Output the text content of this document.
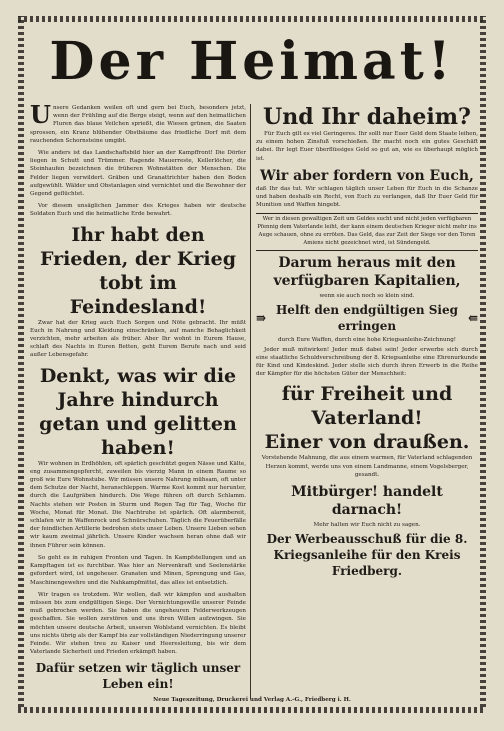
Der Heimat!

Unsere Gedanken weilen oft und gern bei Euch, besonders jetzt, wenn der Frühling auf die Berge steigt, wenn auf den heimatlichen Fluren das blaue Veilchen sprießt, die Wiesen grünen, die Saaten sprossen, ein Kranz blühender Obstbäume das friedliche Dorf mit dem rauchenden Schornsteine umgibt.

Wie anders ist das Landschaftsbild hier an der Kampffront! Die Dörfer liegen in Schutt und Trümmer. Ragende Mauerreste, Kellerlöcher, die Steinhaufen bezeichnen die früheren Wohnstätten der Menschen. Die Felder liegen verwildert. Gräben und Granattrichter haben den Boden aufgewühlt. Wälder und Obstanlagen sind vernichtet und die Bewohner der Gegend geflüchtet.

Vor diesem unsäglichen Jammer des Krieges haben wir deutsche Soldaten Euch und die heimatliche Erde bewahrt.

Ihr habt den Frieden, der Krieg tobt im Feindesland!

Zwar hat der Krieg auch Euch Sorgen und Nöte gebracht. Ihr müßt Euch in Nahrung und Kleidung einschränken, auf manche Behaglichkeit verzichten, mehr arbeiten als früher. Aber Ihr wohnt in Eurem Hause, schlaft des Nachts in Euren Betten, geht Eurem Berufe nach und seid außer Lebensgefahr.

Denkt, was wir die Jahre hindurch getan und gelitten haben!

Wir wohnen in Erdhöhlen, oft spärlich geschützt gegen Nässe und Kälte, eng zusammengepfercht, zuweilen bis vierzig Mann in einem Raume so groß wie Eure Wohnstube. Wir müssen unsere Nahrung mühsam, oft unter dem Schutze der Nacht, heranschleppen. Warme Kost kommt nur herunter, durch die Laufgräben hindurch. Die Wege führen oft durch Schlamm. Nachts stehen wir Posten in Sturm und Regen Tag für Tag, Woche für Woche, Monat für Monat. Die Nachtruhe ist spärlich. Oft alarmbereit, schlafen wir in Waffenrock und Schnürschuhen. Täglich die Feuerüberfälle der feindlichen Artillerie bedrohen stets unser Leben. Unsere Lieben sehen wir kaum zweimal jährlich. Unsere Kinder wachsen heran ohne daß wir ihnen Führer sein können.

So geht es in ruhigen Fronten und Tagen. In Kampfstellungen und an Kampftagen ist es furchtbar. Was hier an Nervenkraft und Seelenstärke gefordert wird, ist ungeheuer. Granaten und Minen, Sprengung und Gas, Maschinengewehre und die Nahkampfmittel, das alles ist entsetzlich.

Wir tragen es trotzdem. Wir wollen, daß wir kämpfen und aushalten müssen bis zum endgültigen Siege. Der Vernichtungswille unserer Feinde muß gebrochen werden. Sie haben die ungeheuren Felderwerkzeugen geschaffen. Sie wollen zerstören und uns ihren Willen aufzwingen. Sie möchten unsere deutsche Arbeit, unseren Wohlstand vernichten. Es bleibt uns nichts übrig als der Kampf bis zur vollständigen Niederringung unserer Feinde. Wir stehen treu zu Kaiser und Heeresleitung, bis wir dem Vaterlande Sicherheit und Frieden erkämpft haben.

Dafür setzen wir täglich unser Leben ein!

Und Ihr daheim?

Für Euch gilt es viel Geringeres. Ihr sollt nur Euer Geld dem Staate leihen, zu einem hohen Zinsfuß vorschießen. Ihr macht noch ein gutes Geschäft dabei. Ihr legt Euer überflüssiges Geld so gut an, wie es überhaupt möglich ist.

Wir aber fordern von Euch,

daß Ihr das tut. Wir schlagen täglich unser Leben für Euch in die Schanze und haben deshalb ein Recht, von Euch zu verlangen, daß Ihr Euer Geld für Munition und Waffen hingebt.

Wer in diesen gewaltigen Zeit um Geldes sucht und nicht jeden verfügbaren Pfennig dem Vaterlande leiht, der kann einem deutschen Krieger nicht mehr ins Auge schauen, ohne zu erröten. Das Geld, das zur Zeit der Siege vor den Toren Amiens nicht gezeichnet wird, ist Sündengeld.

Darum heraus mit den verfügbaren Kapitalien,

wenn sie auch noch so klein sind.

⇛

Helft den endgültigen Sieg erringen

⇚

durch Eure Waffen, durch eine hohe Kriegsanleihe-Zeichnung!

Jeder muß mitwirken! Jeder muß dabei sein! Jeder erwerbe sich durch eine staatliche Schuldverschreibung der 8. Kriegsanleihe eine Ehrenurkunde für Kind und Kindeskind. Jeder stelle sich durch ihren Erwerb in die Reihe der Kämpfer für die höchsten Güter der Menschheit:

für Freiheit und Vaterland!

Einer von draußen.

Vorstehende Mahnung, die aus einem warmen, für Vaterland schlagenden Herzen kommt, werde uns von einem Landmanne, einem Vogelsberger, gesandt.

Mitbürger! handelt darnach!

Mehr halten wir Euch nicht zu sagen.

Der Werbeausschuß für die 8. Kriegsanleihe für den Kreis Friedberg.

Neue Tageszeitung, Druckerei und Verlag A.-G., Friedberg i. H.
